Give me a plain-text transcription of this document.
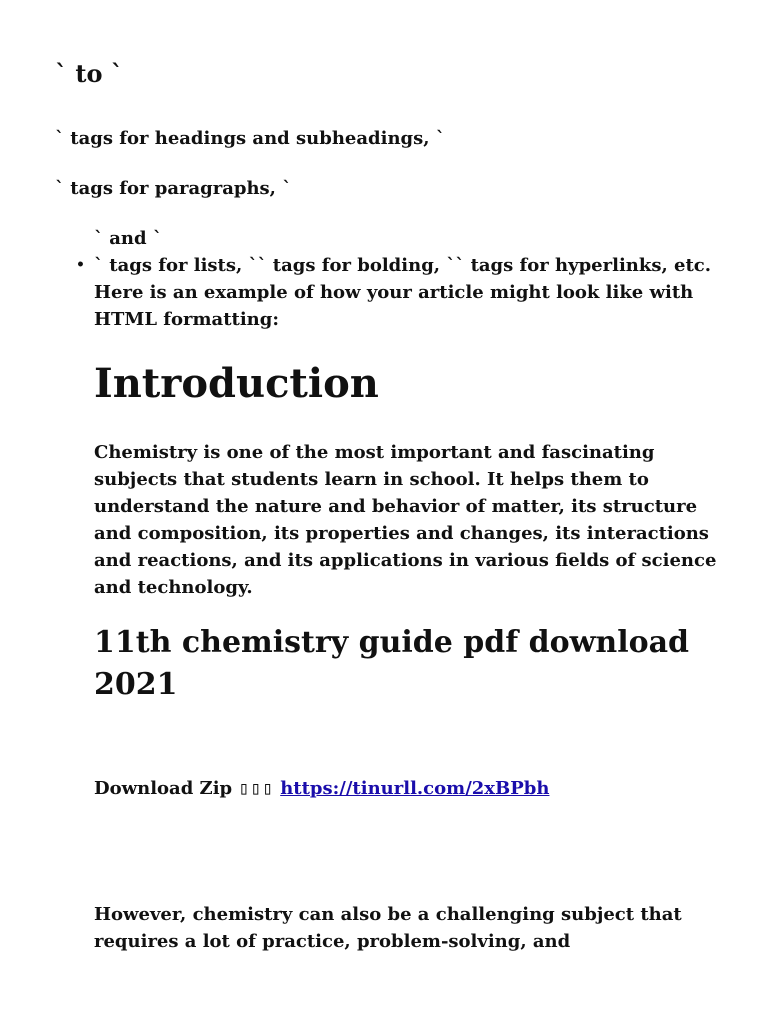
` to `

` tags for headings and subheadings, `

` tags for paragraphs, `

` and `

• ` tags for lists, `` tags for bolding, `` tags for hyperlinks, etc. Here is an example of how your article might look like with HTML formatting:
Introduction

Chemistry is one of the most important and fascinating subjects that students learn in school. It helps them to understand the nature and behavior of matter, its structure and composition, its properties and changes, its interactions and reactions, and its applications in various fields of science and technology.

11th chemistry guide pdf download 2021

Download Zip ▯▯▯ https://tinurll.com/2xBPbh

However, chemistry can also be a challenging subject that requires a lot of practice, problem-solving, and
